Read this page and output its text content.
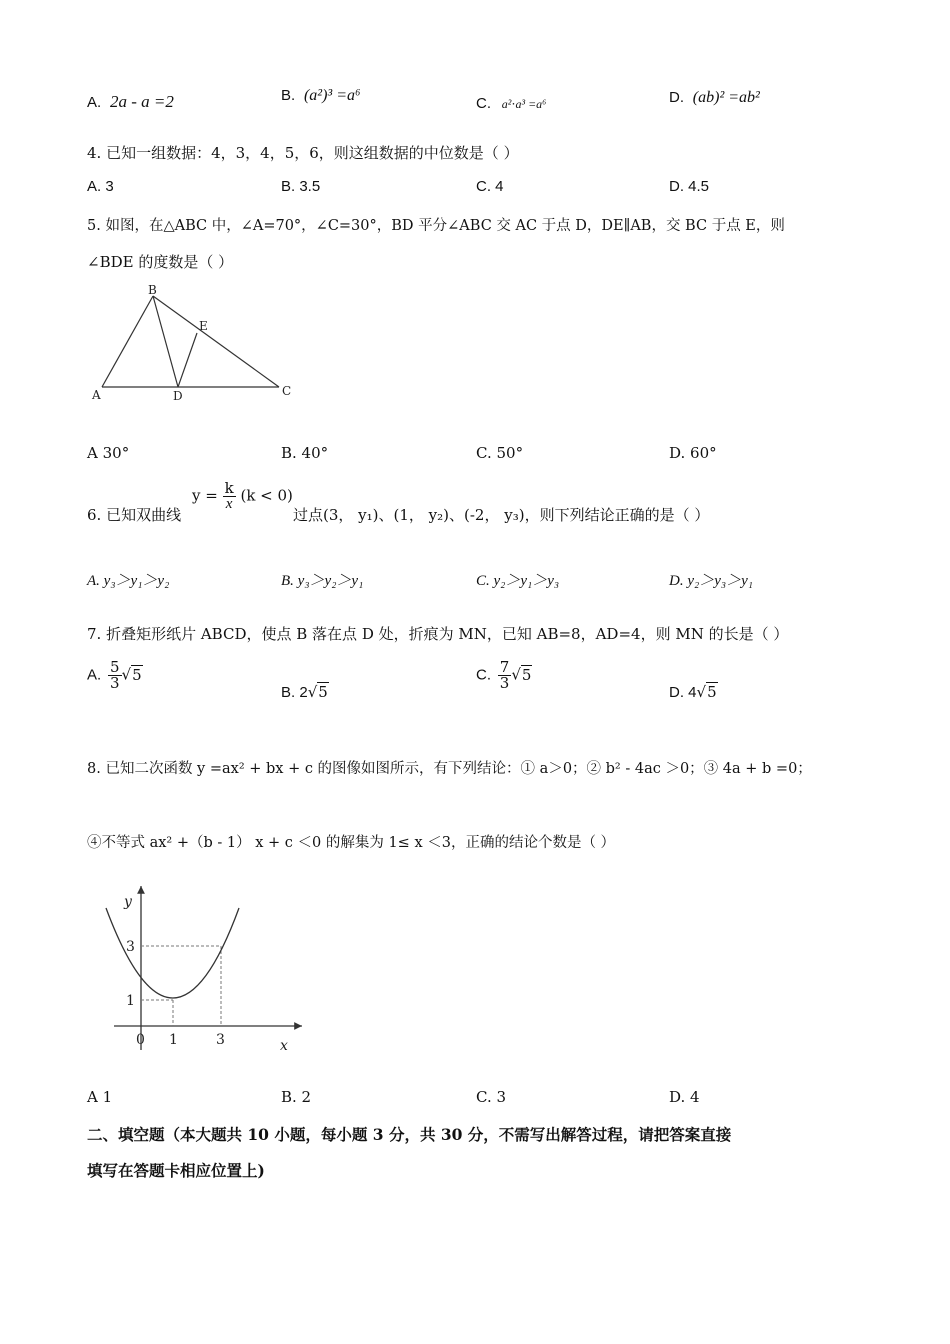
A. 2a - a =2	B. (a²)³ =a⁶	C. a²⋅a³ =a⁶	D. (ab)² =ab²
4. 已知一组数据：4，3，4，5，6，则这组数据的中位数是（ ）
A. 3	B. 3.5	C. 4	D. 4.5
5. 如图，在△ABC 中，∠A=70°，∠C=30°，BD 平分∠ABC 交 AC 于点 D，DE∥AB，交 BC 于点 E，则
∠BDE 的度数是（ ）
A
B
C
D
E
A 30°	B. 40°	C. 50°	D. 60°
6. 已知双曲线
$y = \frac{k}{x} (k < 0)$
过点(3， y₁)、(1， y₂)、(-2， y₃)，则下列结论正确的是（ ）
A. y₃＞y₁＞y₂	B. y₃＞y₂＞y₁	C. y₂＞y₁＞y₃	D. y₂＞y₃＞y₁
7. 折叠矩形纸片 ABCD，使点 B 落在点 D 处，折痕为 MN，已知 AB=8，AD=4，则 MN 的长是（ ）
A. $\frac{5}{3} √5$
B. 2√5
C. $\frac{7}{3} √5$
D. 4√5
8. 已知二次函数 y =ax² + bx + c 的图像如图所示，有下列结论：① a＞0；② b² - 4ac ＞0；③ 4a + b =0；
④不等式 ax² +（b - 1） x + c ＜0 的解集为 1≤ x ＜3，正确的结论个数是（ ）
y
x
0 1	3
1
3
A 1	B. 2	C. 3	D. 4
二、填空题（本大题共 10 小题，每小题 3 分，共 30 分，不需写出解答过程，请把答案直接
填写在答题卡相应位置上)
